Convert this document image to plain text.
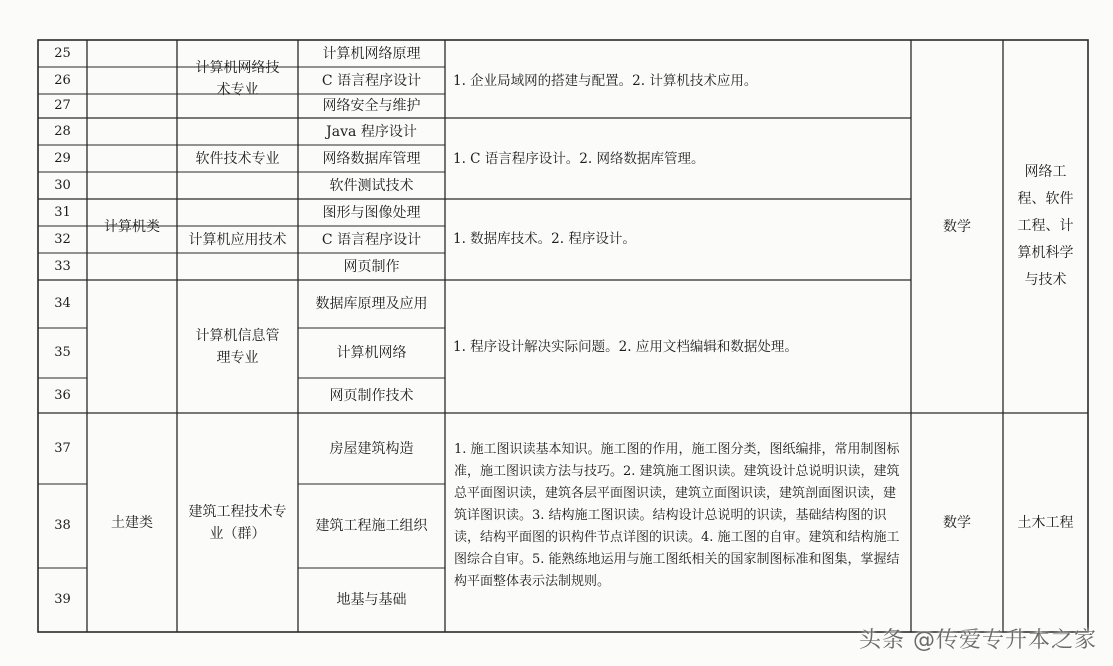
25
26
27
28
29
30
31
32
33
34
35
36
37
38
39
计算机类
土建类
计算机网络技术专业
软件技术专业
计算机应用技术
计算机信息管理专业
建筑工程技术专业（群）
计算机网络原理
C 语言程序设计
网络安全与维护
Java 程序设计
网络数据库管理
软件测试技术
图形与图像处理
C 语言程序设计
网页制作
数据库原理及应用
计算机网络
网页制作技术
房屋建筑构造
建筑工程施工组织
地基与基础
1. 企业局域网的搭建与配置。2. 计算机技术应用。
1. C 语言程序设计。2. 网络数据库管理。
1. 数据库技术。2. 程序设计。
1. 程序设计解决实际问题。2. 应用文档编辑和数据处理。
1. 施工图识读基本知识。施工图的作用，施工图分类，图纸编排，常用制图标准，施工图识读方法与技巧。2. 建筑施工图识读。建筑设计总说明识读，建筑总平面图识读，建筑各层平面图识读，建筑立面图识读，建筑剖面图识读，建筑详图识读。3. 结构施工图识读。结构设计总说明的识读，基础结构图的识读，结构平面图的识构件节点详图的识读。4. 施工图的自审。建筑和结构施工图综合自审。5. 能熟练地运用与施工图纸相关的国家制图标准和图集，掌握结构平面整体表示法制规则。
数学
数学
网络工程、软件工程、计算机科学与技术
土木工程
头条 @传爱专升本之家
